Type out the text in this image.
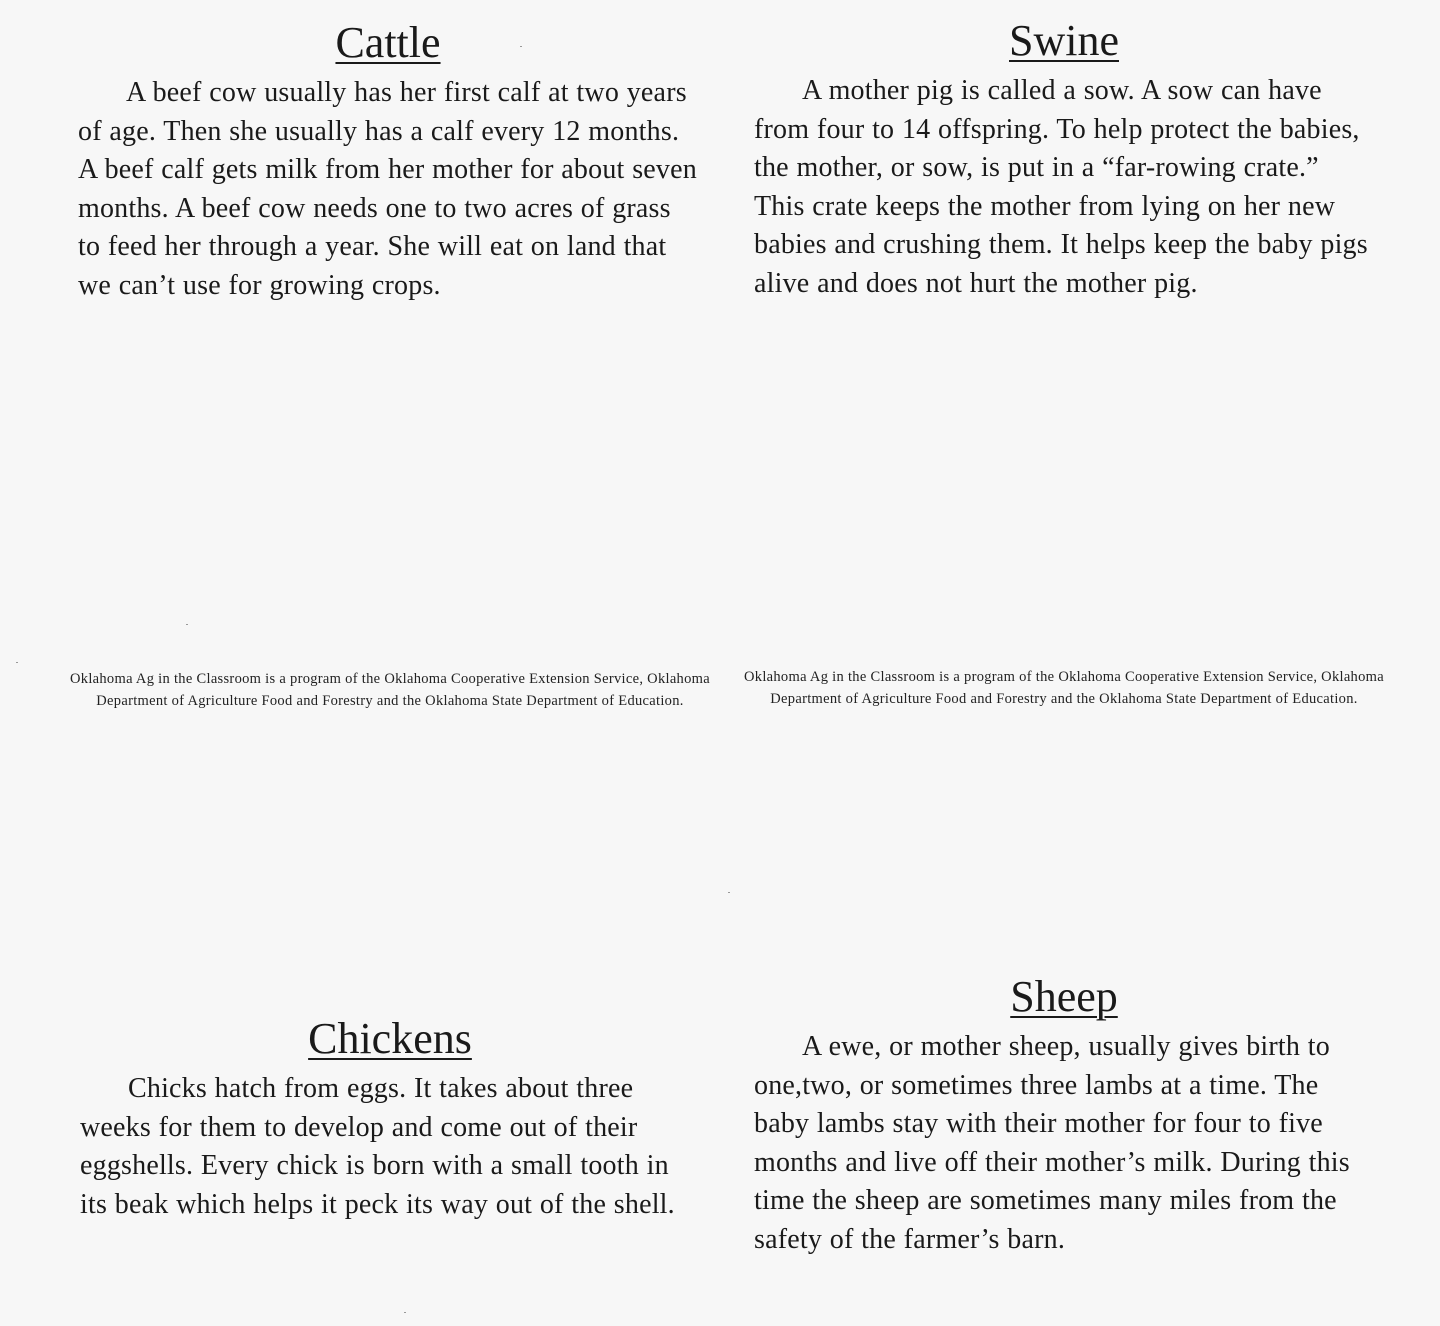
Cattle

A beef cow usually has her first calf at two years of age. Then she usually has a calf every 12 months. A beef calf gets milk from her mother for about seven months. A beef cow needs one to two acres of grass to feed her through a year. She will eat on land that we can’t use for growing crops.

Swine

A mother pig is called a sow. A sow can have from four to 14 offspring. To help protect the babies, the mother, or sow, is put in a “far-rowing crate.” This crate keeps the mother from lying on her new babies and crushing them. It helps keep the baby pigs alive and does not hurt the mother pig.

Oklahoma Ag in the Classroom is a program of the Oklahoma Cooperative Extension Service, Oklahoma Department of Agriculture Food and Forestry and the Oklahoma State Department of Education.
Oklahoma Ag in the Classroom is a program of the Oklahoma Cooperative Extension Service, Oklahoma Department of Agriculture Food and Forestry and the Oklahoma State Department of Education.
Chickens

Chicks hatch from eggs. It takes about three weeks for them to develop and come out of their eggshells. Every chick is born with a small tooth in its beak which helps it peck its way out of the shell.

Sheep

A ewe, or mother sheep, usually gives birth to one,two, or sometimes three lambs at a time. The baby lambs stay with their mother for four to five months and live off their mother’s milk. During this time the sheep are sometimes many miles from the safety of the farmer’s barn.
